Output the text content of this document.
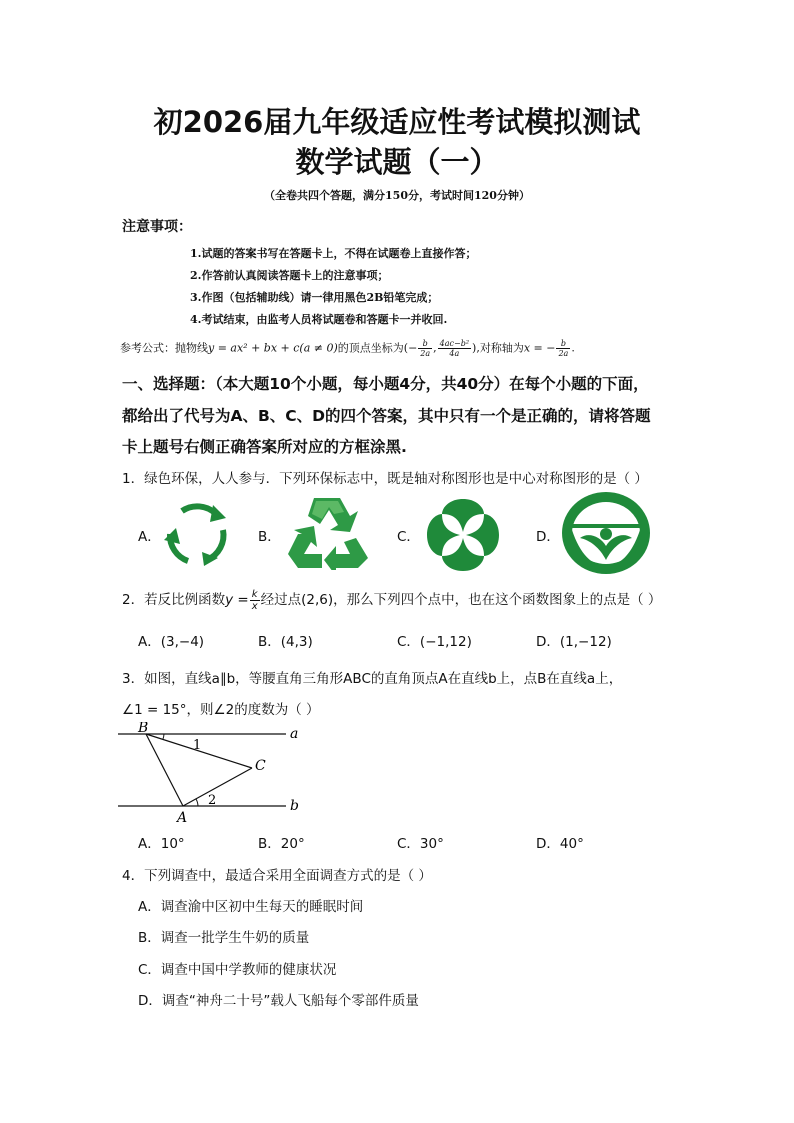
初2026届九年级适应性考试模拟测试
数学试题（一）
（全卷共四个答题，满分150分，考试时间120分钟）
注意事项：
1.试题的答案书写在答题卡上，不得在试题卷上直接作答；
2.作答前认真阅读答题卡上的注意事项；
3.作图（包括辅助线）请一律用黑色2B铅笔完成；
4.考试结束，由监考人员将试题卷和答题卡一并收回.
参考公式：抛物线y = ax² + bx + c(a ≠ 0)的顶点坐标为(− $\frac{b}{2a}$ , $\frac{\text{4ac−b²}}{4a}$ ),对称轴为x = − $\frac{b}{2a}$ .
一、选择题：（本大题10个小题，每小题4分，共40分）在每个小题的下面，
都给出了代号为A、B、C、D的四个答案，其中只有一个是正确的，请将答题
卡上题号右侧正确答案所对应的方框涂黑.
1．绿色环保，人人参与．下列环保标志中，既是轴对称图形也是中心对称图形的是（ ）
A．	B．	C．	D．
2．若反比例函数$y = \frac{k}{x}$ 经过点(2,6)，那么下列四个点中，也在这个函数图象上的点是（ ）
A．(3,−4)	B．(4,3)	C．(−1,12)	D．(1,−12)
3．如图，直线a∥b，等腰直角三角形ABC的直角顶点A在直线b上，点B在直线a上，
∠1 = 15°，则∠2的度数为（ ）
B
A
C
a
b
1
2
A．10°	B．20°	C．30°	D．40°
4．下列调查中，最适合采用全面调查方式的是（ ）
A．调查渝中区初中生每天的睡眠时间
B．调查一批学生牛奶的质量
C．调查中国中学教师的健康状况
D．调查“神舟二十号”载人飞船每个零部件质量
